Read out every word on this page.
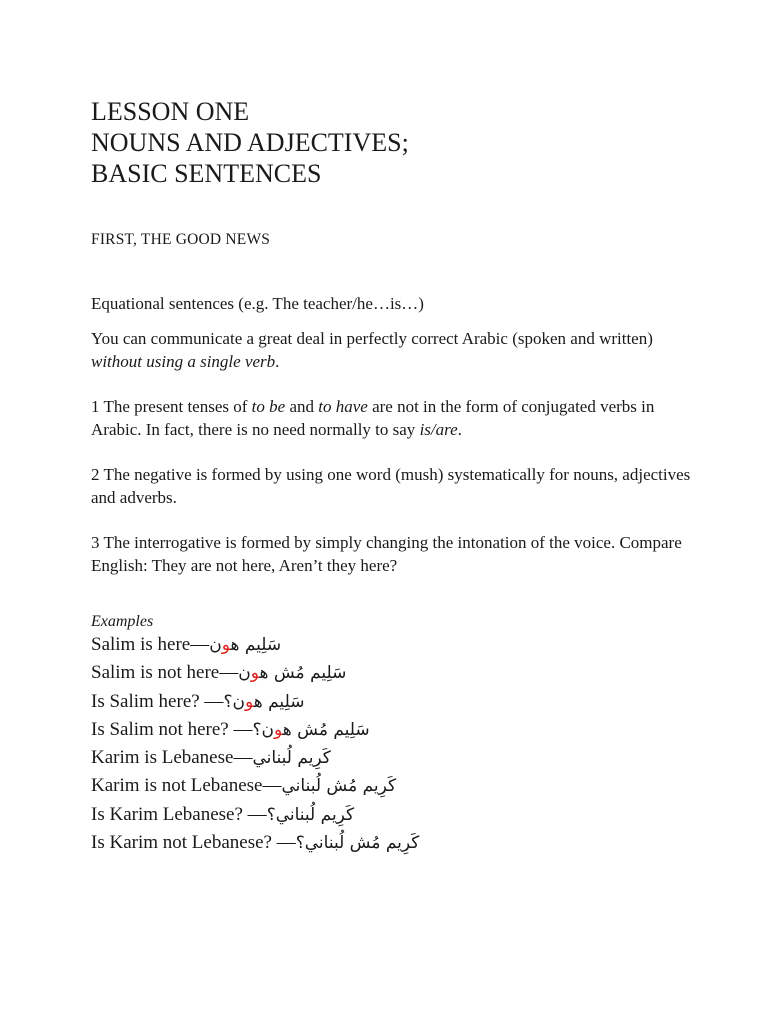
LESSON ONE
NOUNS AND ADJECTIVES;
BASIC SENTENCES
FIRST, THE GOOD NEWS
Equational sentences (e.g. The teacher/he…is…)
You can communicate a great deal in perfectly correct Arabic (spoken and written) without using a single verb.
1 The present tenses of to be and to have are not in the form of conjugated verbs in Arabic. In fact, there is no need normally to say is/are.
2 The negative is formed by using one word (mush) systematically for nouns, adjectives and adverbs.
3 The interrogative is formed by simply changing the intonation of the voice. Compare English: They are not here, Aren’t they here?
Examples
Salim is here— سَلِيم هون
Salim is not here— سَلِيم مُش هون
Is Salim here? — سَلِيم هون؟
Is Salim not here? — سَلِيم مُش هون؟
Karim is Lebanese—كَرِيم لُبناني
Karim is not Lebanese—كَرِيم مُش لُبناني
Is Karim Lebanese? —كَرِيم لُبناني؟
Is Karim not Lebanese? —كَرِيم مُش لُبناني؟
